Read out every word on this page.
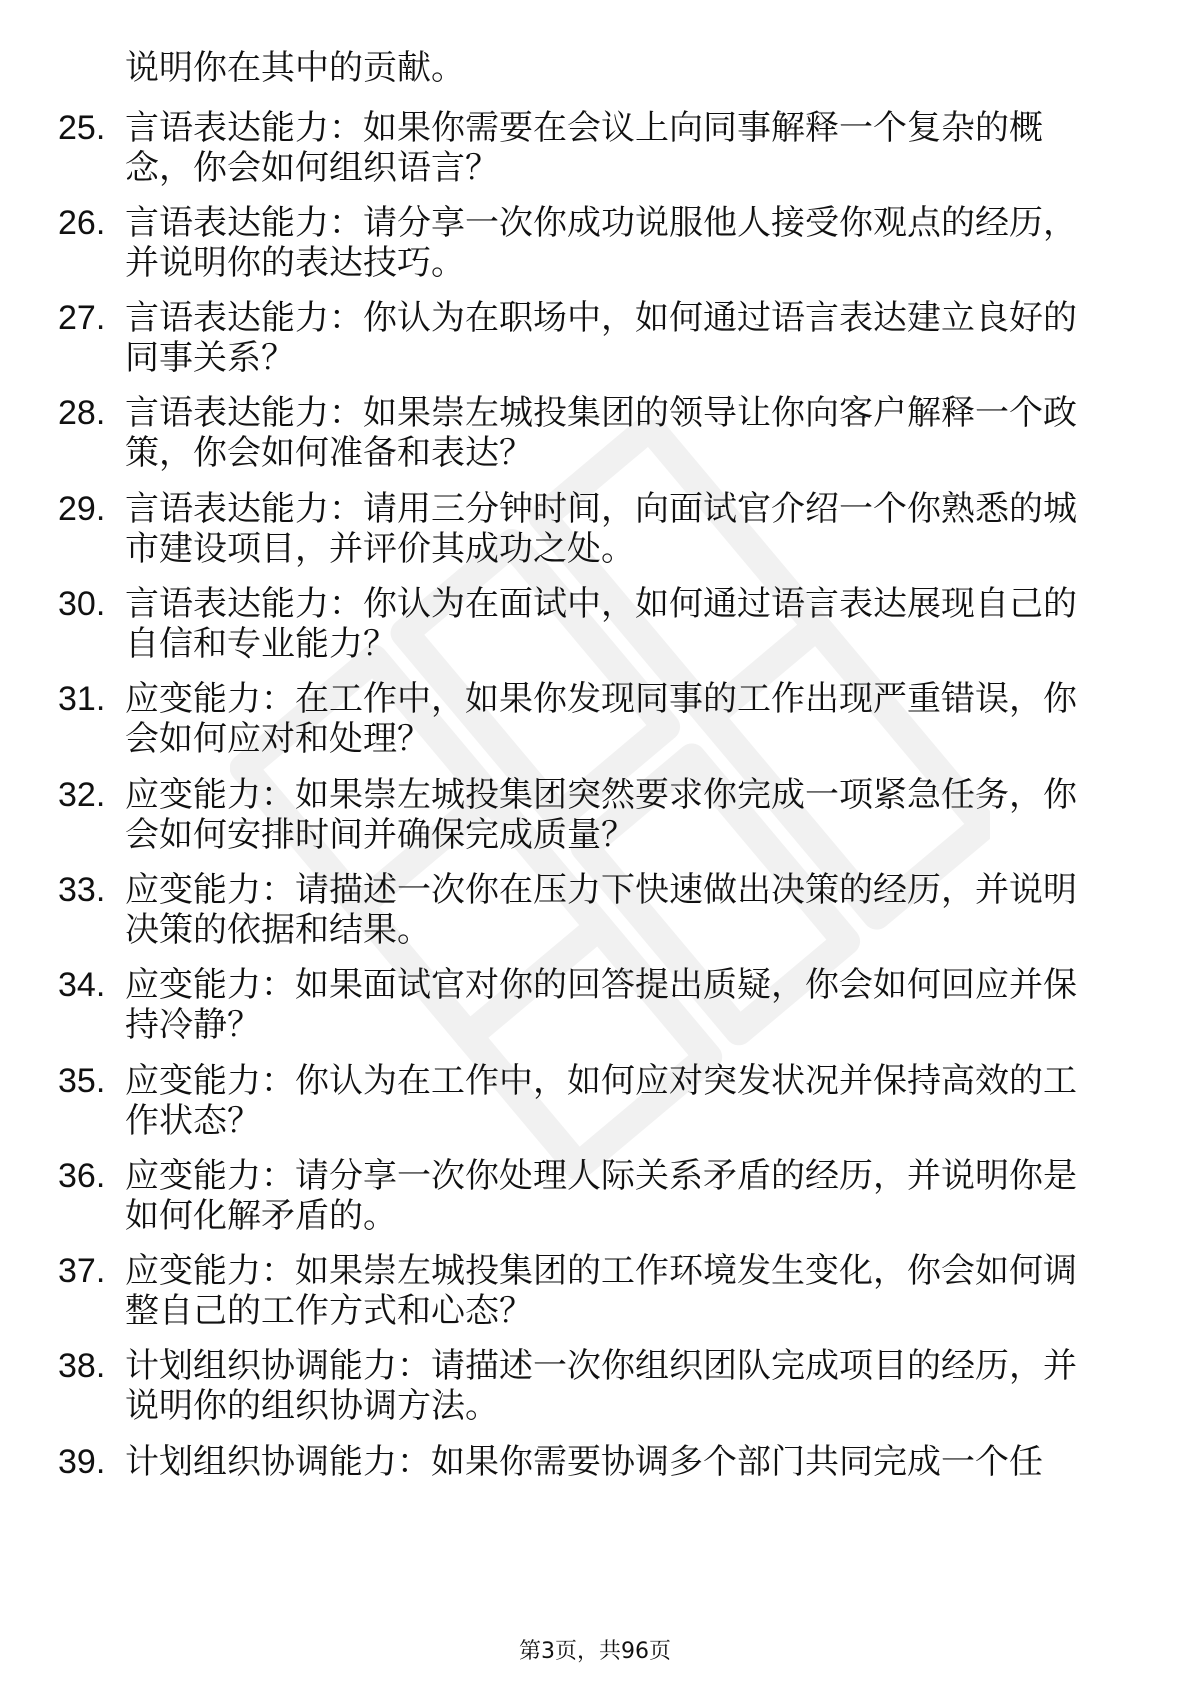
说明你在其中的贡献。
25. 言语表达能力：如果你需要在会议上向同事解释一个复杂的概
念，你会如何组织语言？
26. 言语表达能力：请分享一次你成功说服他人接受你观点的经历，
并说明你的表达技巧。
27. 言语表达能力：你认为在职场中，如何通过语言表达建立良好的
同事关系？
28. 言语表达能力：如果崇左城投集团的领导让你向客户解释一个政
策，你会如何准备和表达？
29. 言语表达能力：请用三分钟时间，向面试官介绍一个你熟悉的城
市建设项目，并评价其成功之处。
30. 言语表达能力：你认为在面试中，如何通过语言表达展现自己的
自信和专业能力？
31. 应变能力：在工作中，如果你发现同事的工作出现严重错误，你
会如何应对和处理？
32. 应变能力：如果崇左城投集团突然要求你完成一项紧急任务，你
会如何安排时间并确保完成质量？
33. 应变能力：请描述一次你在压力下快速做出决策的经历，并说明
决策的依据和结果。
34. 应变能力：如果面试官对你的回答提出质疑，你会如何回应并保
持冷静？
35. 应变能力：你认为在工作中，如何应对突发状况并保持高效的工
作状态？
36. 应变能力：请分享一次你处理人际关系矛盾的经历，并说明你是
如何化解矛盾的。
37. 应变能力：如果崇左城投集团的工作环境发生变化，你会如何调
整自己的工作方式和心态？
38. 计划组织协调能力：请描述一次你组织团队完成项目的经历，并
说明你的组织协调方法。
39. 计划组织协调能力：如果你需要协调多个部门共同完成一个任
第3页，共96页
